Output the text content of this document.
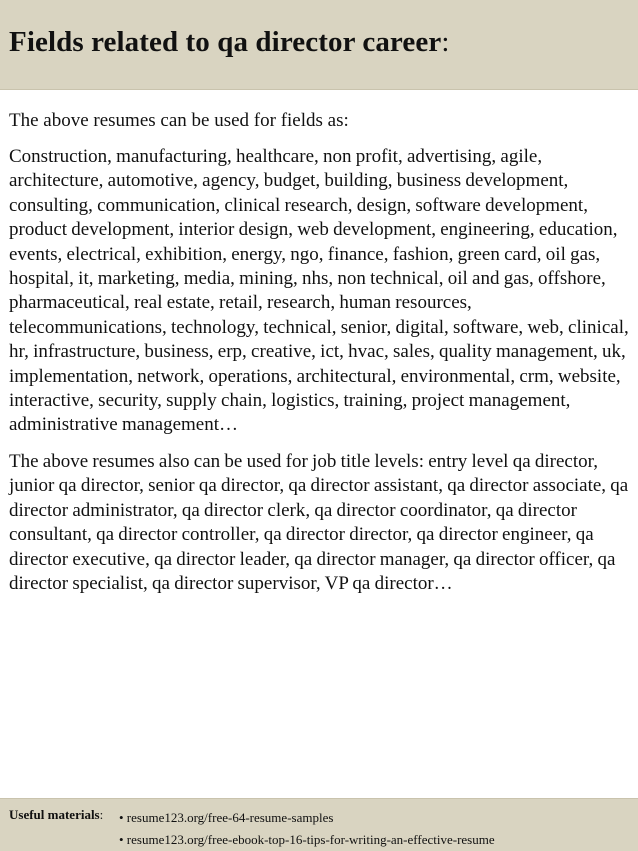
Fields related to qa director career:

The above resumes can be used for fields as:

Construction, manufacturing, healthcare, non profit, advertising, agile, architecture, automotive, agency, budget, building, business development, consulting, communication, clinical research, design, software development, product development, interior design, web development, engineering, education, events, electrical, exhibition, energy, ngo, finance, fashion, green card, oil gas, hospital, it, marketing, media, mining, nhs, non technical, oil and gas, offshore, pharmaceutical, real estate, retail, research, human resources, telecommunications, technology, technical, senior, digital, software, web, clinical, hr, infrastructure, business, erp, creative, ict, hvac, sales, quality management, uk, implementation, network, operations, architectural, environmental, crm, website, interactive, security, supply chain, logistics, training, project management, administrative management…

The above resumes also can be used for job title levels: entry level qa director, junior qa director, senior qa director, qa director assistant, qa director associate, qa director administrator, qa director clerk, qa director coordinator, qa director consultant, qa director controller, qa director director, qa director engineer, qa director executive, qa director leader, qa director manager, qa director officer, qa director specialist, qa director supervisor, VP qa director…

Useful materials: • resume123.org/free-64-resume-samples
• resume123.org/free-ebook-top-16-tips-for-writing-an-effective-resume
